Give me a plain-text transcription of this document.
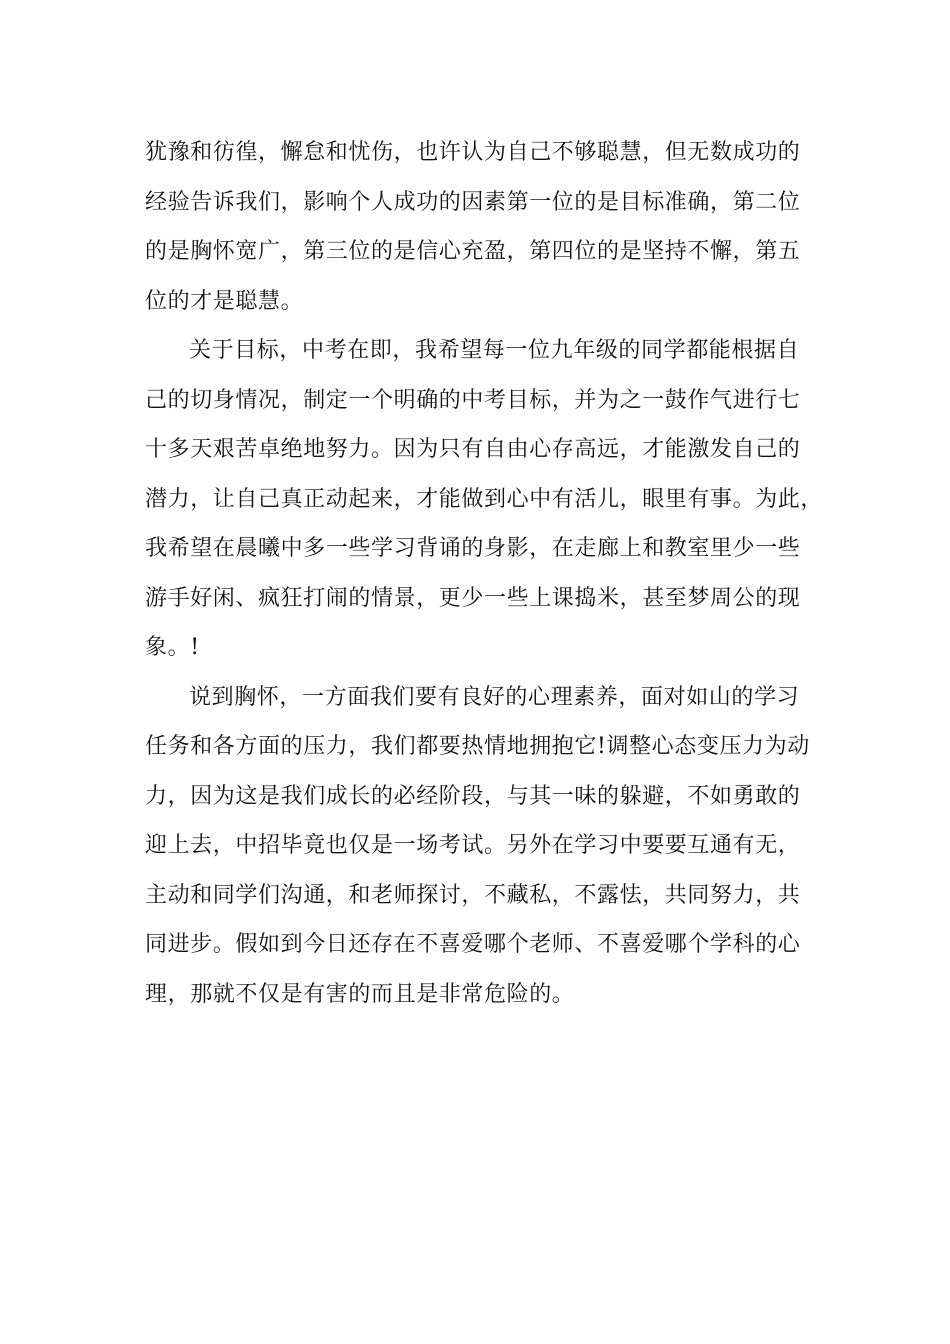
犹豫和彷徨，懈怠和忧伤，也许认为自己不够聪慧，但无数成功的
经验告诉我们，影响个人成功的因素第一位的是目标准确，第二位
的是胸怀宽广，第三位的是信心充盈，第四位的是坚持不懈，第五
位的才是聪慧。
关于目标，中考在即，我希望每一位九年级的同学都能根据自
己的切身情况，制定一个明确的中考目标，并为之一鼓作气进行七
十多天艰苦卓绝地努力。因为只有自由心存高远，才能激发自己的
潜力，让自己真正动起来，才能做到心中有活儿，眼里有事。为此，
我希望在晨曦中多一些学习背诵的身影，在走廊上和教室里少一些
游手好闲、疯狂打闹的情景，更少一些上课捣米，甚至梦周公的现
象。!
说到胸怀，一方面我们要有良好的心理素养，面对如山的学习
任务和各方面的压力，我们都要热情地拥抱它!调整心态变压力为动
力，因为这是我们成长的必经阶段，与其一味的躲避，不如勇敢的
迎上去，中招毕竟也仅是一场考试。另外在学习中要要互通有无，
主动和同学们沟通，和老师探讨，不藏私，不露怯，共同努力，共
同进步。假如到今日还存在不喜爱哪个老师、不喜爱哪个学科的心
理，那就不仅是有害的而且是非常危险的。
